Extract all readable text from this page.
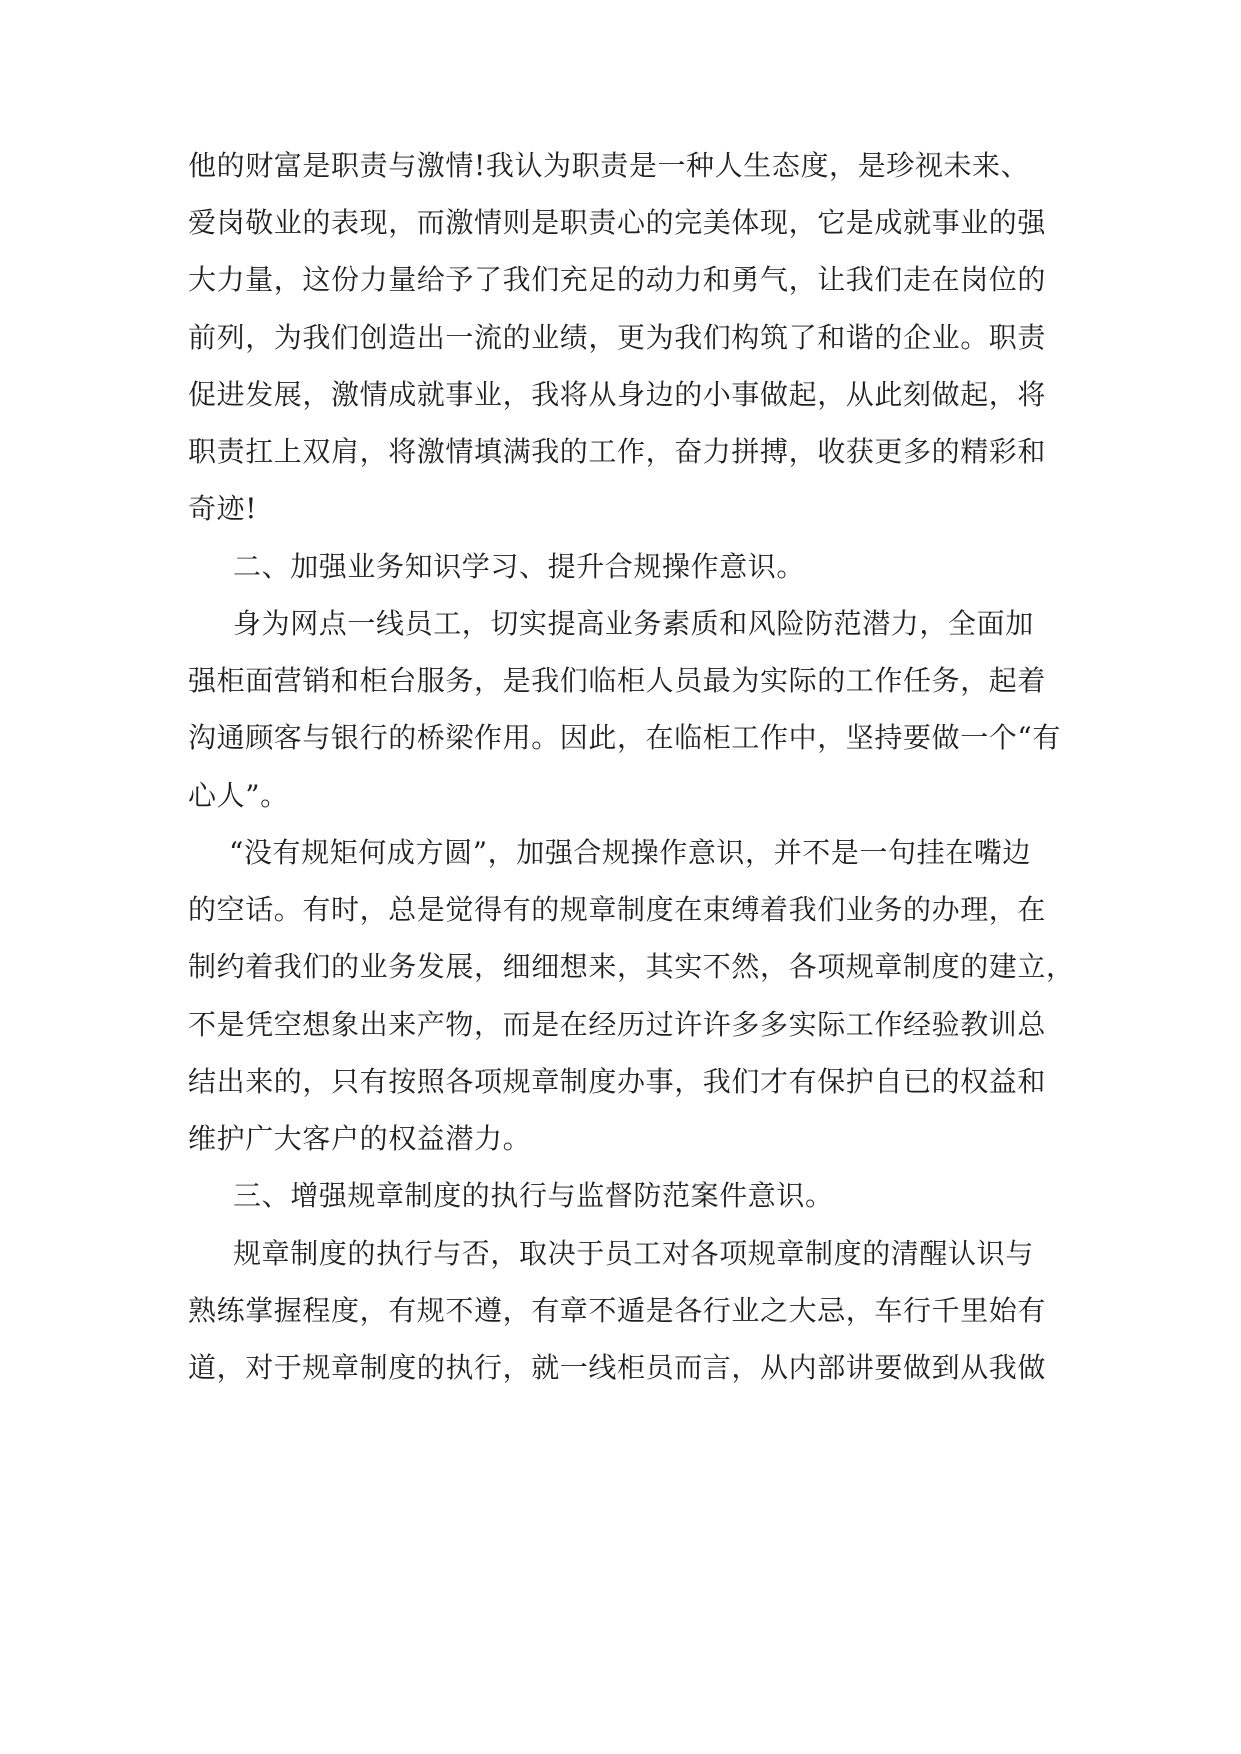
他的财富是职责与激情!我认为职责是一种人生态度，是珍视未来、
爱岗敬业的表现，而激情则是职责心的完美体现，它是成就事业的强
大力量，这份力量给予了我们充足的动力和勇气，让我们走在岗位的
前列，为我们创造出一流的业绩，更为我们构筑了和谐的企业。职责
促进发展，激情成就事业，我将从身边的小事做起，从此刻做起，将
职责扛上双肩，将激情填满我的工作，奋力拼搏，收获更多的精彩和
奇迹!
二、加强业务知识学习、提升合规操作意识。
身为网点一线员工，切实提高业务素质和风险防范潜力，全面加
强柜面营销和柜台服务，是我们临柜人员最为实际的工作任务，起着
沟通顾客与银行的桥梁作用。因此，在临柜工作中，坚持要做一个“有
心人”。
“没有规矩何成方圆”，加强合规操作意识，并不是一句挂在嘴边
的空话。有时，总是觉得有的规章制度在束缚着我们业务的办理，在
制约着我们的业务发展，细细想来，其实不然，各项规章制度的建立，
不是凭空想象出来产物，而是在经历过许许多多实际工作经验教训总
结出来的，只有按照各项规章制度办事，我们才有保护自已的权益和
维护广大客户的权益潜力。
三、增强规章制度的执行与监督防范案件意识。
规章制度的执行与否，取决于员工对各项规章制度的清醒认识与
熟练掌握程度，有规不遵，有章不遁是各行业之大忌，车行千里始有
道，对于规章制度的执行，就一线柜员而言，从内部讲要做到从我做
